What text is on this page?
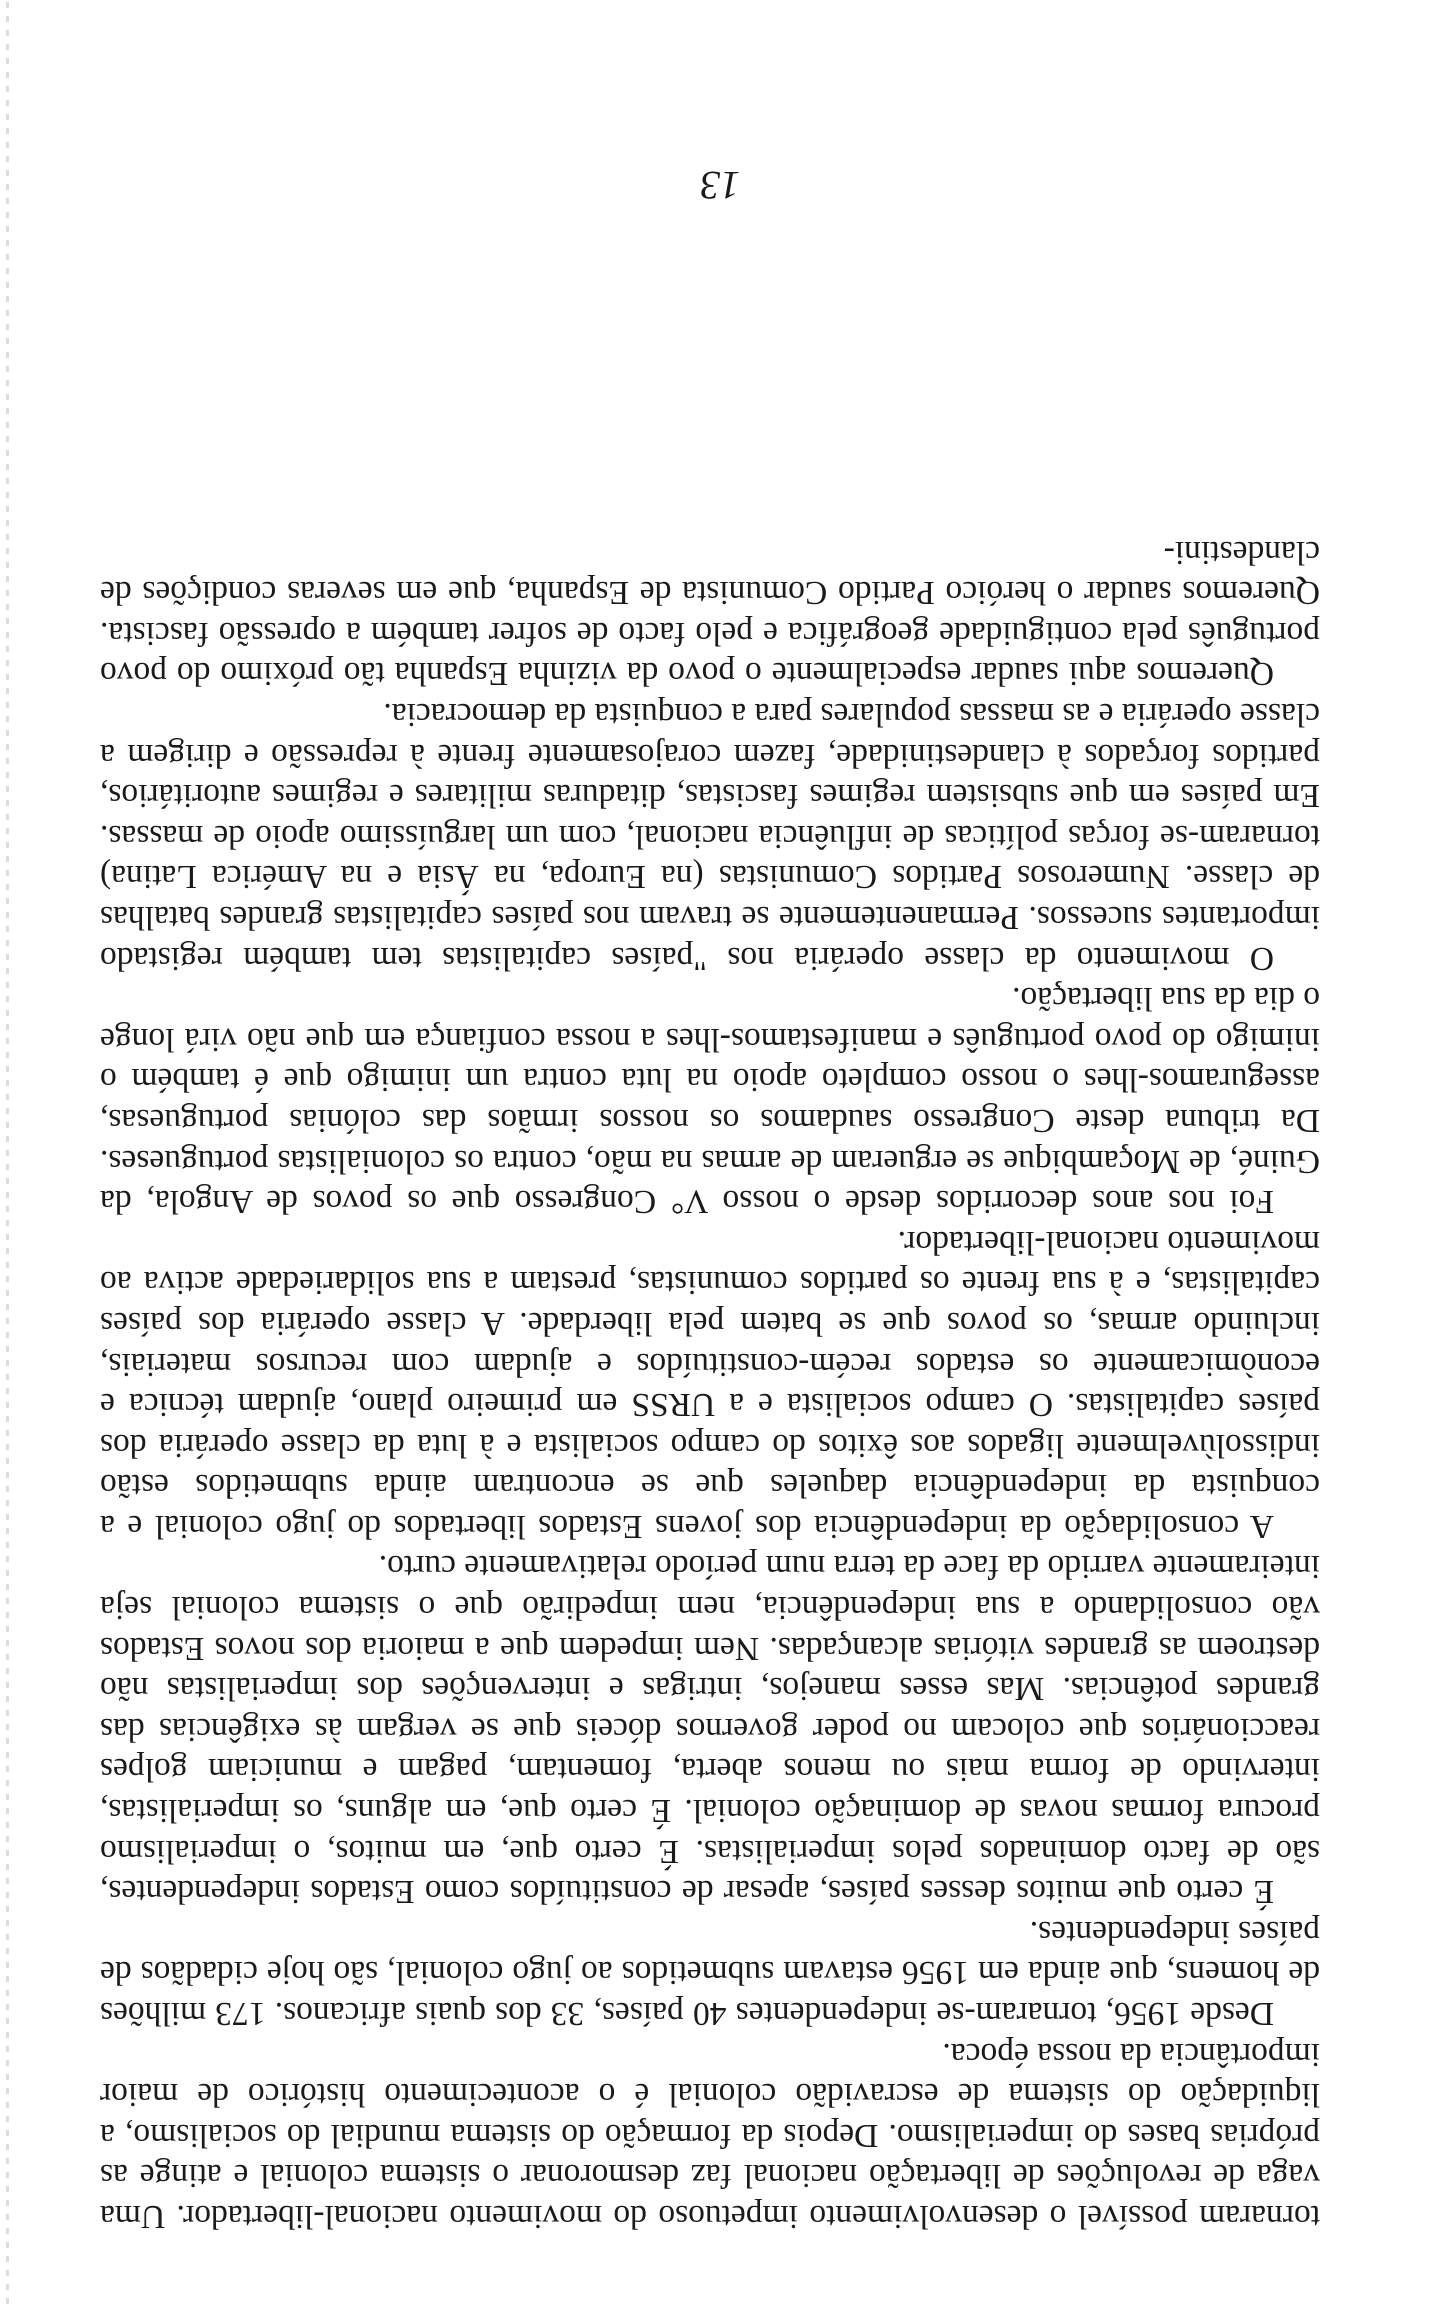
tornaram possível o desenvolvimento impetuoso do movimento nacional-libertador. Uma vaga de revoluções de libertação nacional faz desmoronar o sistema colonial e atinge as próprias bases do imperialismo. Depois da formação do sistema mundial do socialismo, a liquidação do sistema de escravidão colonial é o acontecimento histórico de maior importância da nossa época.

Desde 1956, tornaram-se independentes 40 países, 33 dos quais africanos. 173 milhões de homens, que ainda em 1956 estavam submetidos ao jugo colonial, são hoje cidadãos de países independentes.

É certo que muitos desses países, apesar de constituídos como Estados independentes, são de facto dominados pelos imperialistas. É certo que, em muitos, o imperialismo procura formas novas de dominação colonial. É certo que, em alguns, os imperialistas, intervindo de forma mais ou menos aberta, fomentam, pagam e municiam golpes reaccionários que colocam no poder governos dóceis que se vergam às exigências das grandes potências. Mas esses manejos, intrigas e intervenções dos imperialistas não destroem as grandes vitórias alcançadas. Nem impedem que a maioria dos novos Estados vão consolidando a sua independência, nem impedirão que o sistema colonial seja inteiramente varrido da face da terra num período relativamente curto.

A consolidação da independência dos jovens Estados libertados do jugo colonial e a conquista da independência daqueles que se encontram ainda submetidos estão indissolùvelmente ligados aos êxitos do campo socialista e à luta da classe operária dos países capitalistas. O campo socialista e a URSS em primeiro plano, ajudam técnica e econòmicamente os estados recém-constituídos e ajudam com recursos materiais, incluindo armas, os povos que se batem pela liberdade. A classe operária dos países capitalistas, e à sua frente os partidos comunistas, prestam a sua solidariedade activa ao movimento nacional-libertador.

Foi nos anos decorridos desde o nosso V° Congresso que os povos de Angola, da Guiné, de Moçambique se ergueram de armas na mão, contra os colonialistas portugueses. Da tribuna deste Congresso saudamos os nossos irmãos das colónias portuguesas, asseguramos-lhes o nosso completo apoio na luta contra um inimigo que é também o inimigo do povo português e manifestamos-lhes a nossa confiança em que não virá longe o dia da sua libertação.

O movimento da classe operária nos "países capitalistas tem também registado importantes sucessos. Permanentemente se travam nos países capitalistas grandes batalhas de classe. Numerosos Partidos Comunistas (na Europa, na Ásia e na América Latina) tornaram-se forças políticas de influência nacional, com um larguíssimo apoio de massas. Em países em que subsistem regimes fascistas, ditaduras militares e regimes autoritários, partidos forçados à clandestinidade, fazem corajosamente frente à repressão e dirigem a classe operária e as massas populares para a conquista da democracia.

Queremos aqui saudar especialmente o povo da vizinha Espanha tão próximo do povo português pela contiguidade geográfica e pelo facto de sofrer também a opressão fascista. Queremos saudar o heróico Partido Comunista de Espanha, que em severas condições de clandestini-

13
